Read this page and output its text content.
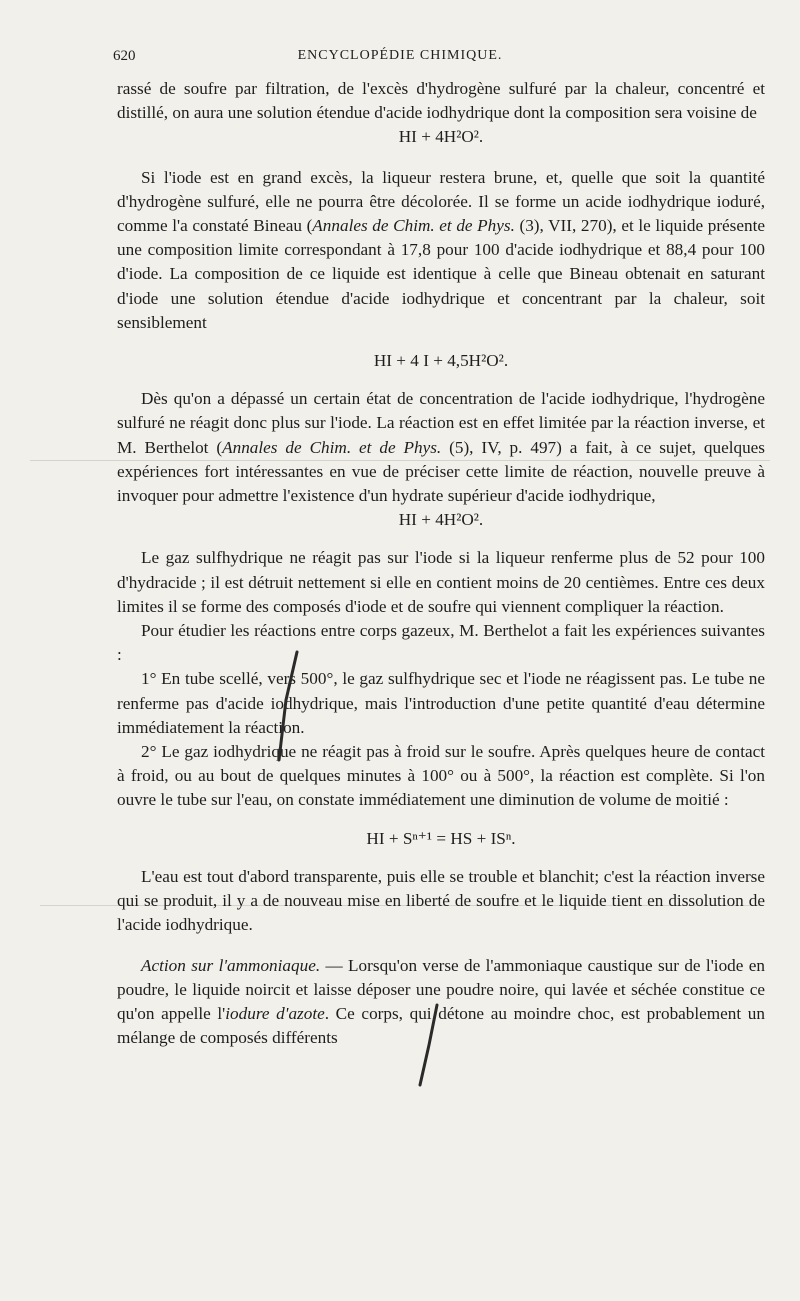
620	ENCYCLOPÉDIE CHIMIQUE.

rassé de soufre par filtration, de l'excès d'hydrogène sulfuré par la chaleur, concentré et distillé, on aura une solution étendue d'acide iodhydrique dont la composition sera voisine de

HI + 4H²O².

Si l'iode est en grand excès, la liqueur restera brune, et, quelle que soit la quantité d'hydrogène sulfuré, elle ne pourra être décolorée. Il se forme un acide iodhydrique ioduré, comme l'a constaté Bineau (Annales de Chim. et de Phys. (3), VII, 270), et le liquide présente une composition limite correspondant à 17,8 pour 100 d'acide iodhydrique et 88,4 pour 100 d'iode. La composition de ce liquide est identique à celle que Bineau obtenait en saturant d'iode une solution étendue d'acide iodhydrique et concentrant par la chaleur, soit sensiblement

HI + 4 I + 4,5H²O².

Dès qu'on a dépassé un certain état de concentration de l'acide iodhydrique, l'hydrogène sulfuré ne réagit donc plus sur l'iode. La réaction est en effet limitée par la réaction inverse, et M. Berthelot (Annales de Chim. et de Phys. (5), IV, p. 497) a fait, à ce sujet, quelques expériences fort intéressantes en vue de préciser cette limite de réaction, nouvelle preuve à invoquer pour admettre l'existence d'un hydrate supérieur d'acide iodhydrique,

HI + 4H²O².

Le gaz sulfhydrique ne réagit pas sur l'iode si la liqueur renferme plus de 52 pour 100 d'hydracide ; il est détruit nettement si elle en contient moins de 20 centièmes. Entre ces deux limites il se forme des composés d'iode et de soufre qui viennent compliquer la réaction.

Pour étudier les réactions entre corps gazeux, M. Berthelot a fait les expériences suivantes :

1° En tube scellé, vers 500°, le gaz sulfhydrique sec et l'iode ne réagissent pas. Le tube ne renferme pas d'acide iodhydrique, mais l'introduction d'une petite quantité d'eau détermine immédiatement la réaction.

2° Le gaz iodhydrique ne réagit pas à froid sur le soufre. Après quelques heure de contact à froid, ou au bout de quelques minutes à 100° ou à 500°, la réaction est complète. Si l'on ouvre le tube sur l'eau, on constate immédiatement une diminution de volume de moitié :

HI + Sⁿ⁺¹ = HS + ISⁿ.

L'eau est tout d'abord transparente, puis elle se trouble et blanchit; c'est la réaction inverse qui se produit, il y a de nouveau mise en liberté de soufre et le liquide tient en dissolution de l'acide iodhydrique.

Action sur l'ammoniaque. — Lorsqu'on verse de l'ammoniaque caustique sur de l'iode en poudre, le liquide noircit et laisse déposer une poudre noire, qui lavée et séchée constitue ce qu'on appelle l'iodure d'azote. Ce corps, qui détone au moindre choc, est probablement un mélange de composés différents
